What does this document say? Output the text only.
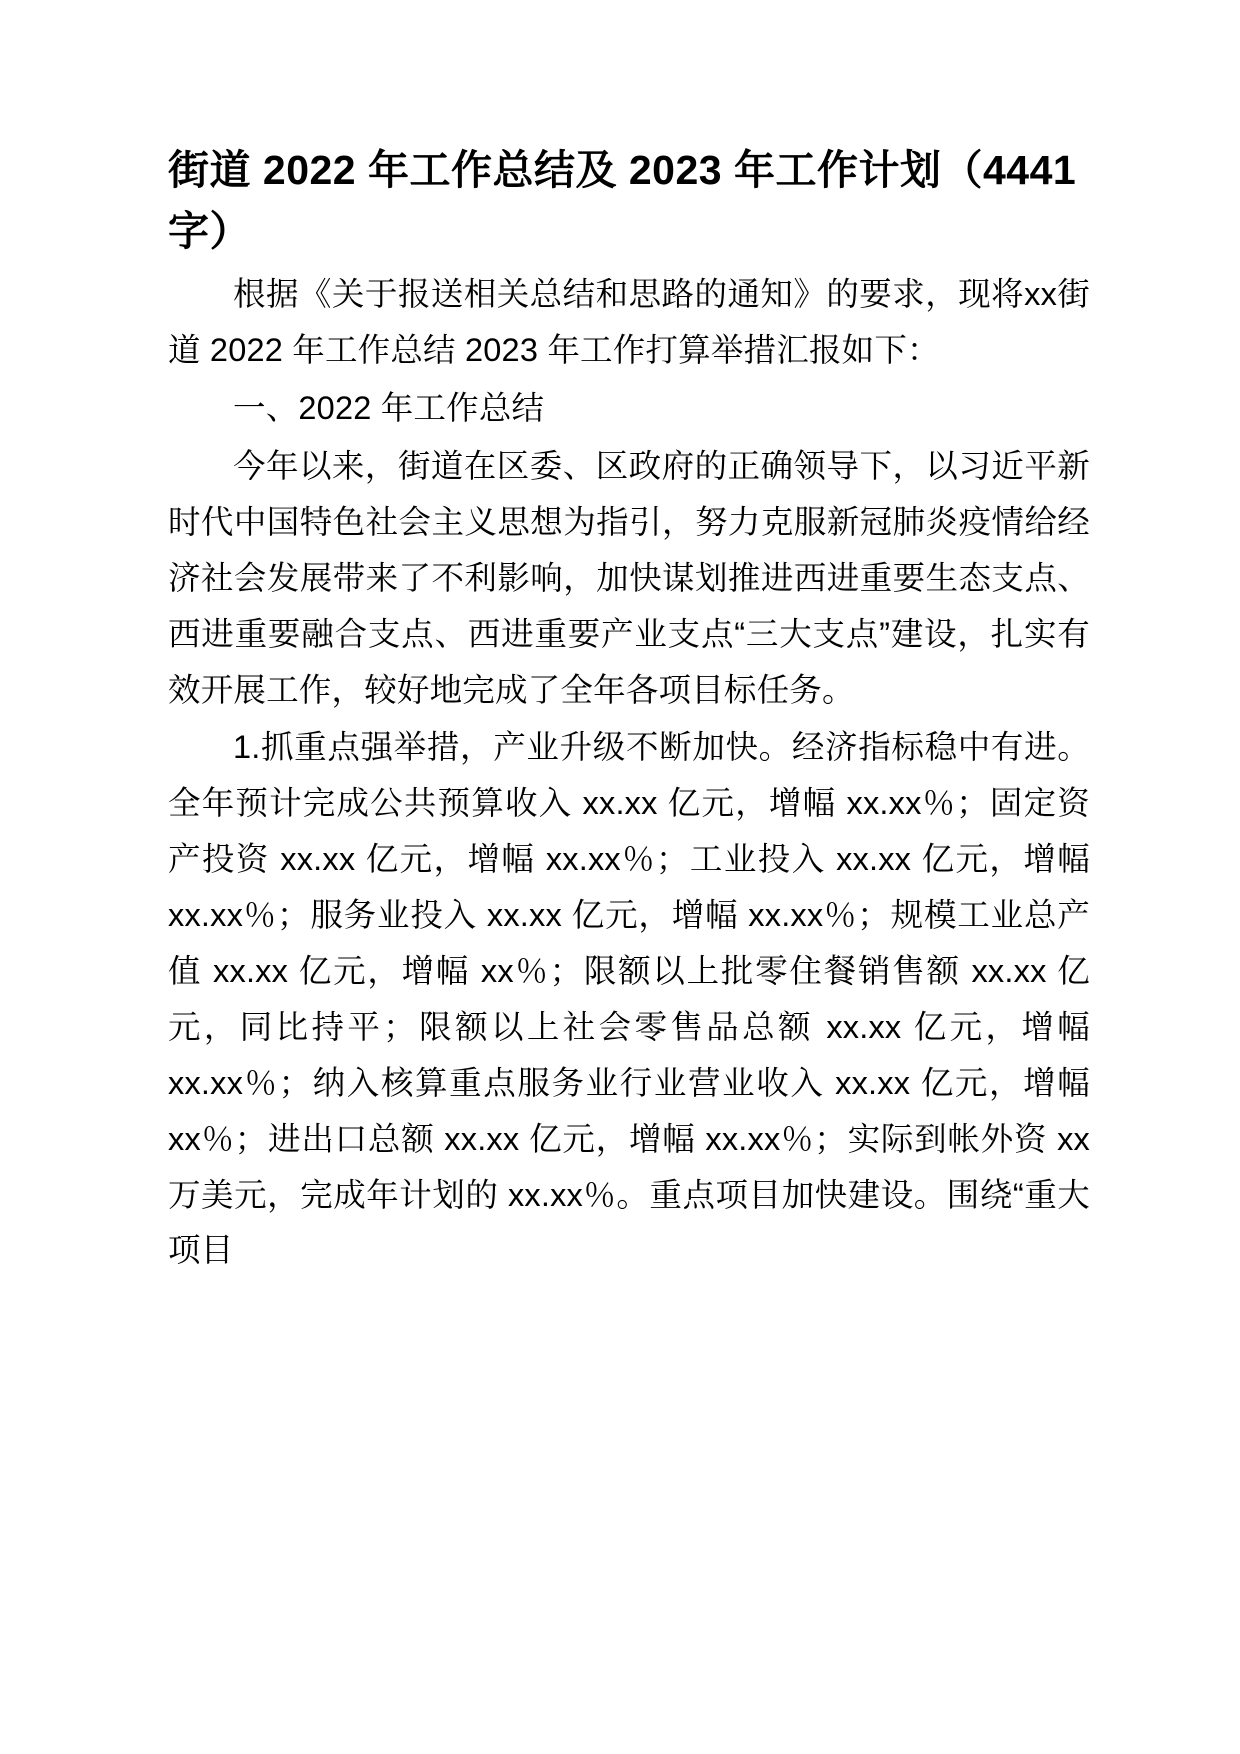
街道 2022 年工作总结及 2023 年工作计划（4441 字）

根据《关于报送相关总结和思路的通知》的要求，现将xx街道 2022 年工作总结 2023 年工作打算举措汇报如下：

一、2022 年工作总结

今年以来，街道在区委、区政府的正确领导下，以习近平新时代中国特色社会主义思想为指引，努力克服新冠肺炎疫情给经济社会发展带来了不利影响，加快谋划推进西进重要生态支点、西进重要融合支点、西进重要产业支点“三大支点”建设，扎实有效开展工作，较好地完成了全年各项目标任务。

1.抓重点强举措，产业升级不断加快。经济指标稳中有进。全年预计完成公共预算收入 xx.xx 亿元，增幅 xx.xx％；固定资产投资 xx.xx 亿元，增幅 xx.xx％；工业投入 xx.xx 亿元，增幅 xx.xx％；服务业投入 xx.xx 亿元，增幅 xx.xx％；规模工业总产值 xx.xx 亿元，增幅 xx％；限额以上批零住餐销售额 xx.xx 亿元，同比持平；限额以上社会零售品总额 xx.xx 亿元，增幅 xx.xx％；纳入核算重点服务业行业营业收入 xx.xx 亿元，增幅 xx％；进出口总额 xx.xx 亿元，增幅 xx.xx％；实际到帐外资 xx 万美元，完成年计划的 xx.xx％。重点项目加快建设。围绕“重大项目
